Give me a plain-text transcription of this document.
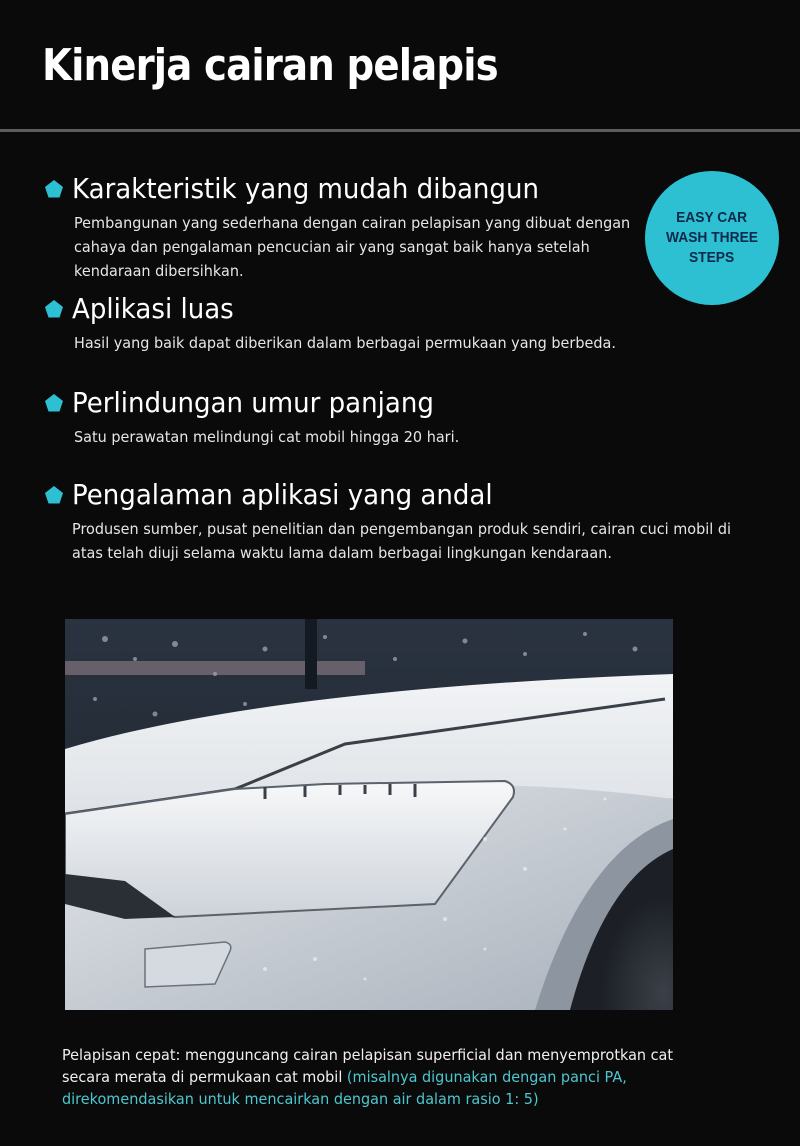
Kinerja cairan pelapis
EASY CAR
WASH THREE
STEPS
Karakteristik yang mudah dibangun
Pembangunan yang sederhana dengan cairan pelapisan yang dibuat dengan cahaya dan pengalaman pencucian air yang sangat baik hanya setelah kendaraan dibersihkan.
Aplikasi luas
Hasil yang baik dapat diberikan dalam berbagai permukaan yang berbeda.
Perlindungan umur panjang
Satu perawatan melindungi cat mobil hingga 20 hari.
Pengalaman aplikasi yang andal
Produsen sumber, pusat penelitian dan pengembangan produk sendiri, cairan cuci mobil di atas telah diuji selama waktu lama dalam berbagai lingkungan kendaraan.
Pelapisan cepat: mengguncang cairan pelapisan superficial dan menyemprotkan cat secara merata di permukaan cat mobil (misalnya digunakan dengan panci PA, direkomendasikan untuk mencairkan dengan air dalam rasio 1: 5)
